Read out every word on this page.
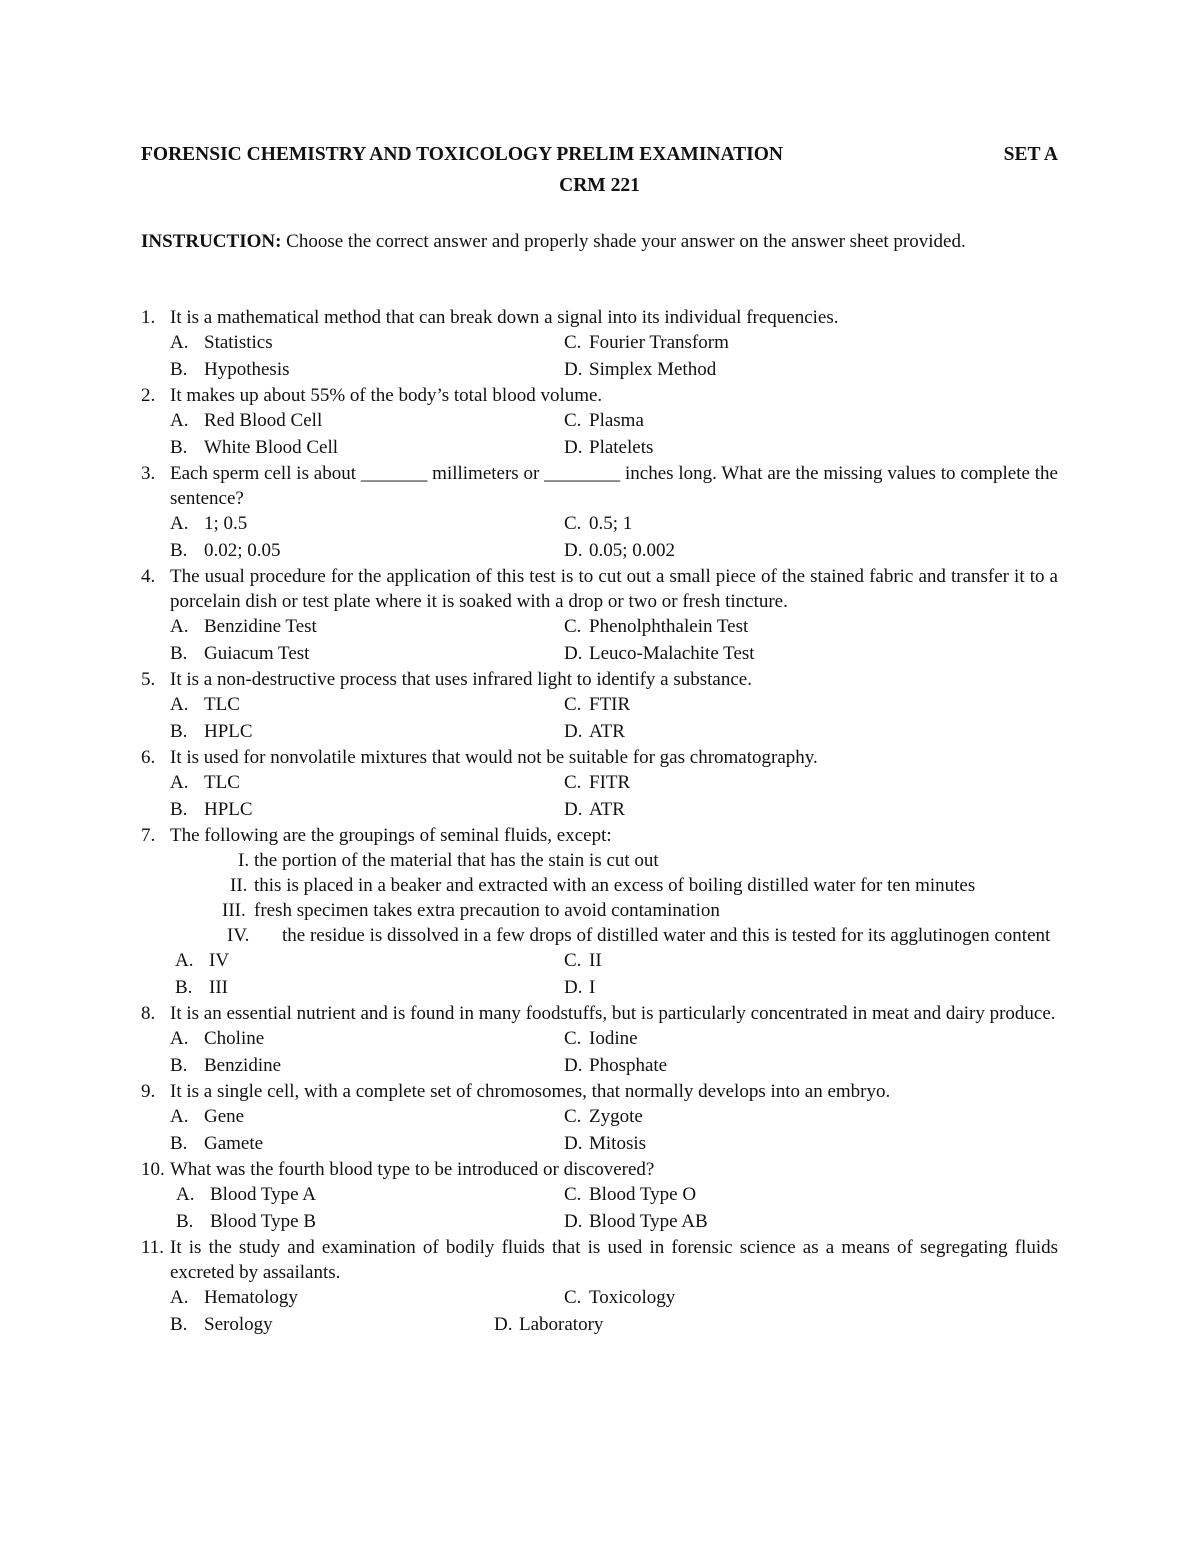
FORENSIC CHEMISTRY AND TOXICOLOGY PRELIM EXAMINATION	SET A
CRM 221
INSTRUCTION: Choose the correct answer and properly shade your answer on the answer sheet provided.
1. It is a mathematical method that can break down a signal into its individual frequencies.
A. Statistics	C. Fourier Transform
B. Hypothesis	D. Simplex Method
2. It makes up about 55% of the body’s total blood volume.
A. Red Blood Cell	C. Plasma
B. White Blood Cell	D. Platelets
3. Each sperm cell is about _______ millimeters or ________ inches long. What are the missing values to complete the sentence?
A. 1; 0.5	C. 0.5; 1
B. 0.02; 0.05	D. 0.05; 0.002
4. The usual procedure for the application of this test is to cut out a small piece of the stained fabric and transfer it to a porcelain dish or test plate where it is soaked with a drop or two or fresh tincture.
A. Benzidine Test	C. Phenolphthalein Test
B. Guiacum Test	D. Leuco-Malachite Test
5. It is a non-destructive process that uses infrared light to identify a substance.
A. TLC	C. FTIR
B. HPLC	D. ATR
6. It is used for nonvolatile mixtures that would not be suitable for gas chromatography.
A. TLC	C. FITR
B. HPLC	D. ATR
7. The following are the groupings of seminal fluids, except:
I. the portion of the material that has the stain is cut out
II. this is placed in a beaker and extracted with an excess of boiling distilled water for ten minutes
III. fresh specimen takes extra precaution to avoid contamination
IV.	the residue is dissolved in a few drops of distilled water and this is tested for its agglutinogen content
A. IV	C. II
B. III	D. I
8. It is an essential nutrient and is found in many foodstuffs, but is particularly concentrated in meat and dairy produce.
A. Choline	C. Iodine
B. Benzidine	D. Phosphate
9. It is a single cell, with a complete set of chromosomes, that normally develops into an embryo.
A. Gene	C. Zygote
B. Gamete	D. Mitosis
10. What was the fourth blood type to be introduced or discovered?
A. Blood Type A	C. Blood Type O
B. Blood Type B	D. Blood Type AB
11. It is the study and examination of bodily fluids that is used in forensic science as a means of segregating fluids excreted by assailants.
A. Hematology	C. Toxicology
B. Serology	D. Laboratory
